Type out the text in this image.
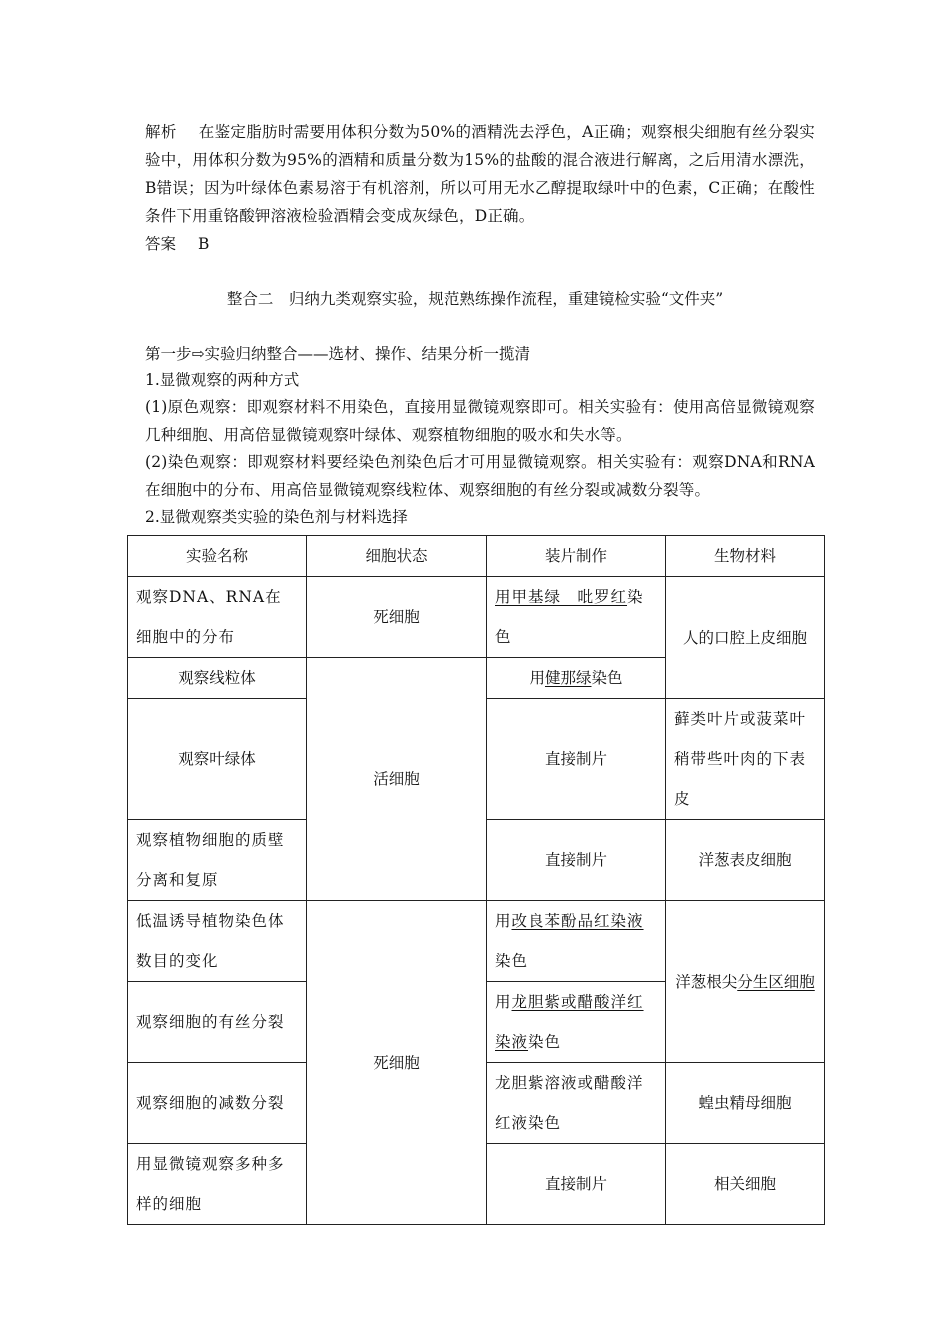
解析 在鉴定脂肪时需要用体积分数为50%的酒精洗去浮色，A正确；观察根尖细胞有丝分裂实验中，用体积分数为95%的酒精和质量分数为15%的盐酸的混合液进行解离，之后用清水漂洗，B错误；因为叶绿体色素易溶于有机溶剂，所以可用无水乙醇提取绿叶中的色素，C正确；在酸性条件下用重铬酸钾溶液检验酒精会变成灰绿色，D正确。
答案 B
整合二　归纳九类观察实验，规范熟练操作流程，重建镜检实验“文件夹”
第一步⇨实验归纳整合——选材、操作、结果分析一揽清
1.显微观察的两种方式
(1)原色观察：即观察材料不用染色，直接用显微镜观察即可。相关实验有：使用高倍显微镜观察几种细胞、用高倍显微镜观察叶绿体、观察植物细胞的吸水和失水等。
(2)染色观察：即观察材料要经染色剂染色后才可用显微镜观察。相关实验有：观察DNA和RNA在细胞中的分布、用高倍显微镜观察线粒体、观察细胞的有丝分裂或减数分裂等。
2.显微观察类实验的染色剂与材料选择
实验名称	细胞状态	装片制作	生物材料
观察DNA、RNA在细胞中的分布	死细胞	用甲基绿　吡罗红染色	人的口腔上皮细胞
观察线粒体	活细胞	用健那绿染色	
观察叶绿体		直接制片	藓类叶片或菠菜叶稍带些叶肉的下表皮
观察植物细胞的质壁分离和复原		直接制片	洋葱表皮细胞
低温诱导植物染色体数目的变化	死细胞	用改良苯酚品红染液染色	洋葱根尖分生区细胞
观察细胞的有丝分裂		用龙胆紫或醋酸洋红染液染色	
观察细胞的减数分裂		龙胆紫溶液或醋酸洋红液染色	蝗虫精母细胞
用显微镜观察多种多样的细胞		直接制片	相关细胞
